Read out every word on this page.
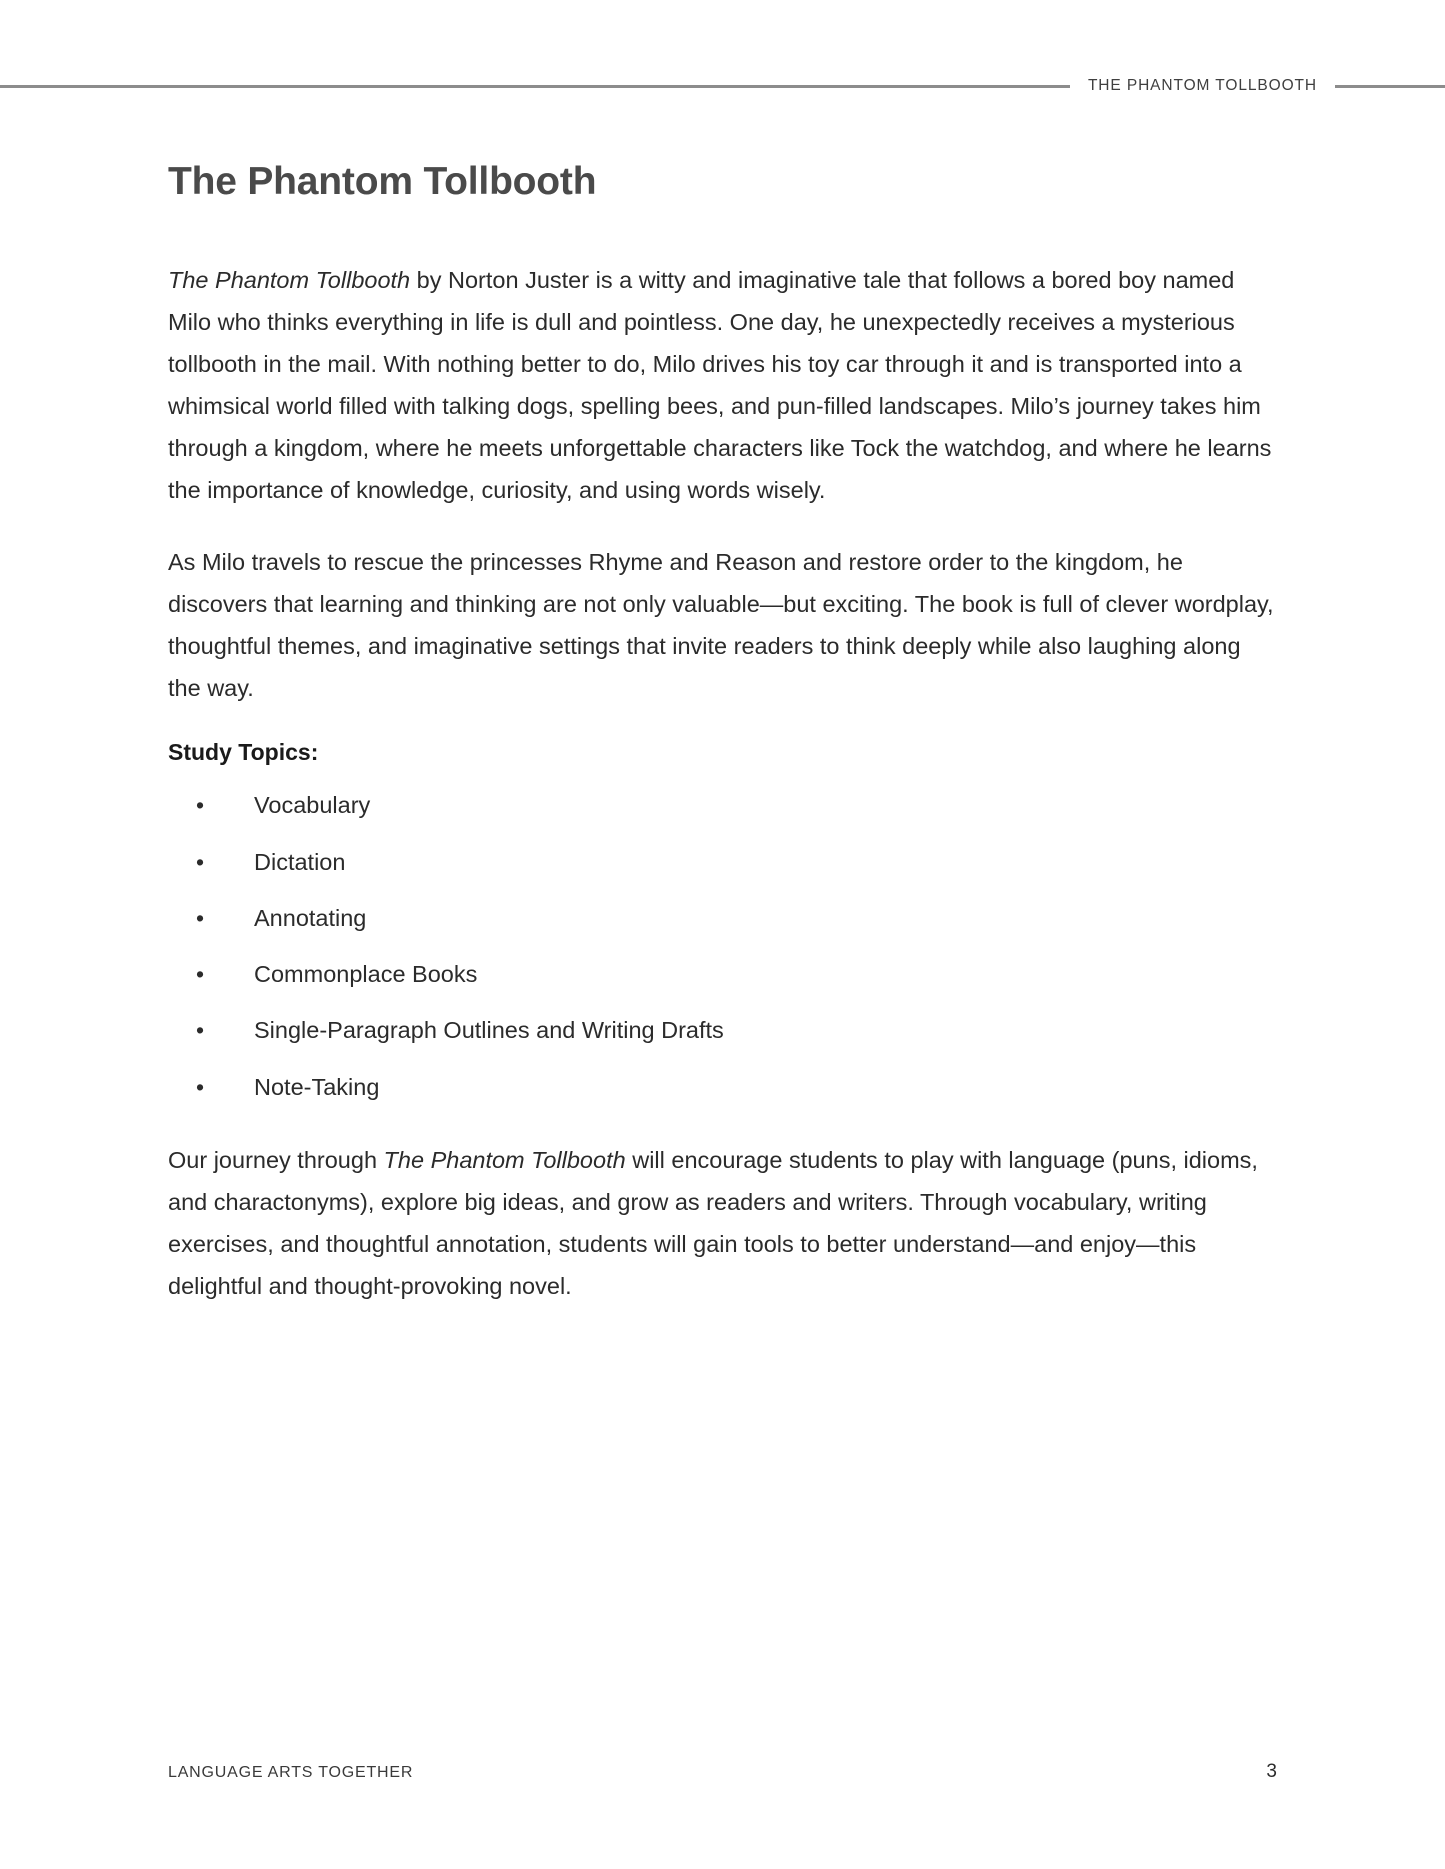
THE PHANTOM TOLLBOOTH
The Phantom Tollbooth

The Phantom Tollbooth by Norton Juster is a witty and imaginative tale that follows a bored boy named Milo who thinks everything in life is dull and pointless. One day, he unexpectedly receives a mysterious tollbooth in the mail. With nothing better to do, Milo drives his toy car through it and is transported into a whimsical world filled with talking dogs, spelling bees, and pun-filled landscapes. Milo’s journey takes him through a kingdom, where he meets unforgettable characters like Tock the watchdog, and where he learns the importance of knowledge, curiosity, and using words wisely.

As Milo travels to rescue the princesses Rhyme and Reason and restore order to the kingdom, he discovers that learning and thinking are not only valuable—but exciting. The book is full of clever wordplay, thoughtful themes, and imaginative settings that invite readers to think deeply while also laughing along the way.

Study Topics:
• Vocabulary
• Dictation
• Annotating
• Commonplace Books
• Single-Paragraph Outlines and Writing Drafts
• Note-Taking

Our journey through The Phantom Tollbooth will encourage students to play with language (puns, idioms, and charactonyms), explore big ideas, and grow as readers and writers. Through vocabulary, writing exercises, and thoughtful annotation, students will gain tools to better understand—and enjoy—this delightful and thought-provoking novel.

LANGUAGE ARTS TOGETHER	3
